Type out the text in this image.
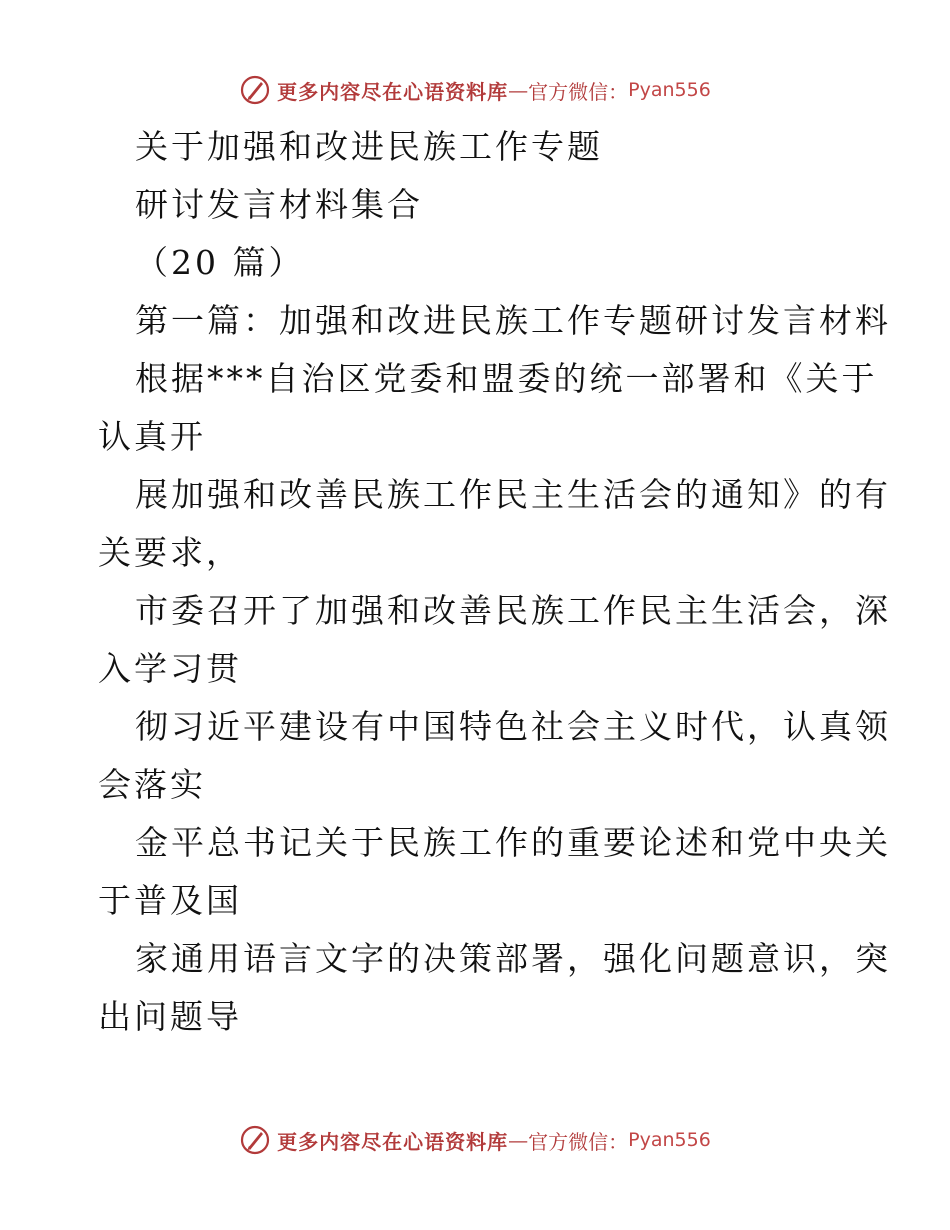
更多内容尽在心语资料库 — 官方微信： Pyan556
关于加强和改进民族工作专题
研讨发言材料集合
（20 篇）
第一篇：加强和改进民族工作专题研讨发言材料
根据***自治区党委和盟委的统一部署和《关于
认真开
展加强和改善民族工作民主生活会的通知》的有
关要求，
市委召开了加强和改善民族工作民主生活会，深
入学习贯
彻习近平建设有中国特色社会主义时代，认真领
会落实
金平总书记关于民族工作的重要论述和党中央关
于普及国
家通用语言文字的决策部署，强化问题意识，突
出问题导
更多内容尽在心语资料库 — 官方微信： Pyan556
